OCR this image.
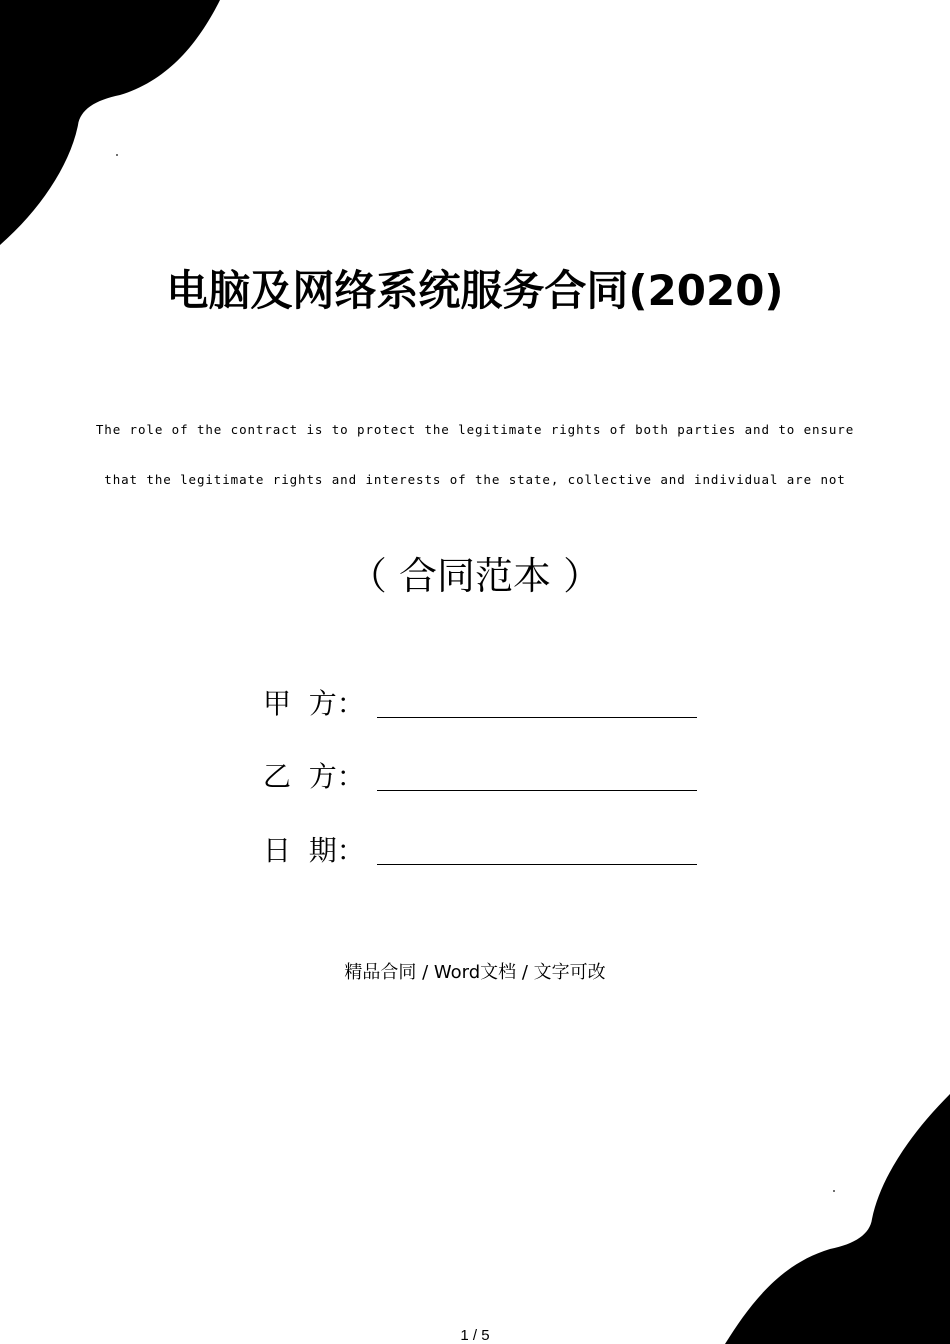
电脑及网络系统服务合同(2020)
The role of the contract is to protect the legitimate rights of both parties and to ensure
that the legitimate rights and interests of the state, collective and individual are not
（ 合同范本 ）
甲  方：
乙  方：
日  期：
精品合同 / Word文档 / 文字可改
1 / 5
